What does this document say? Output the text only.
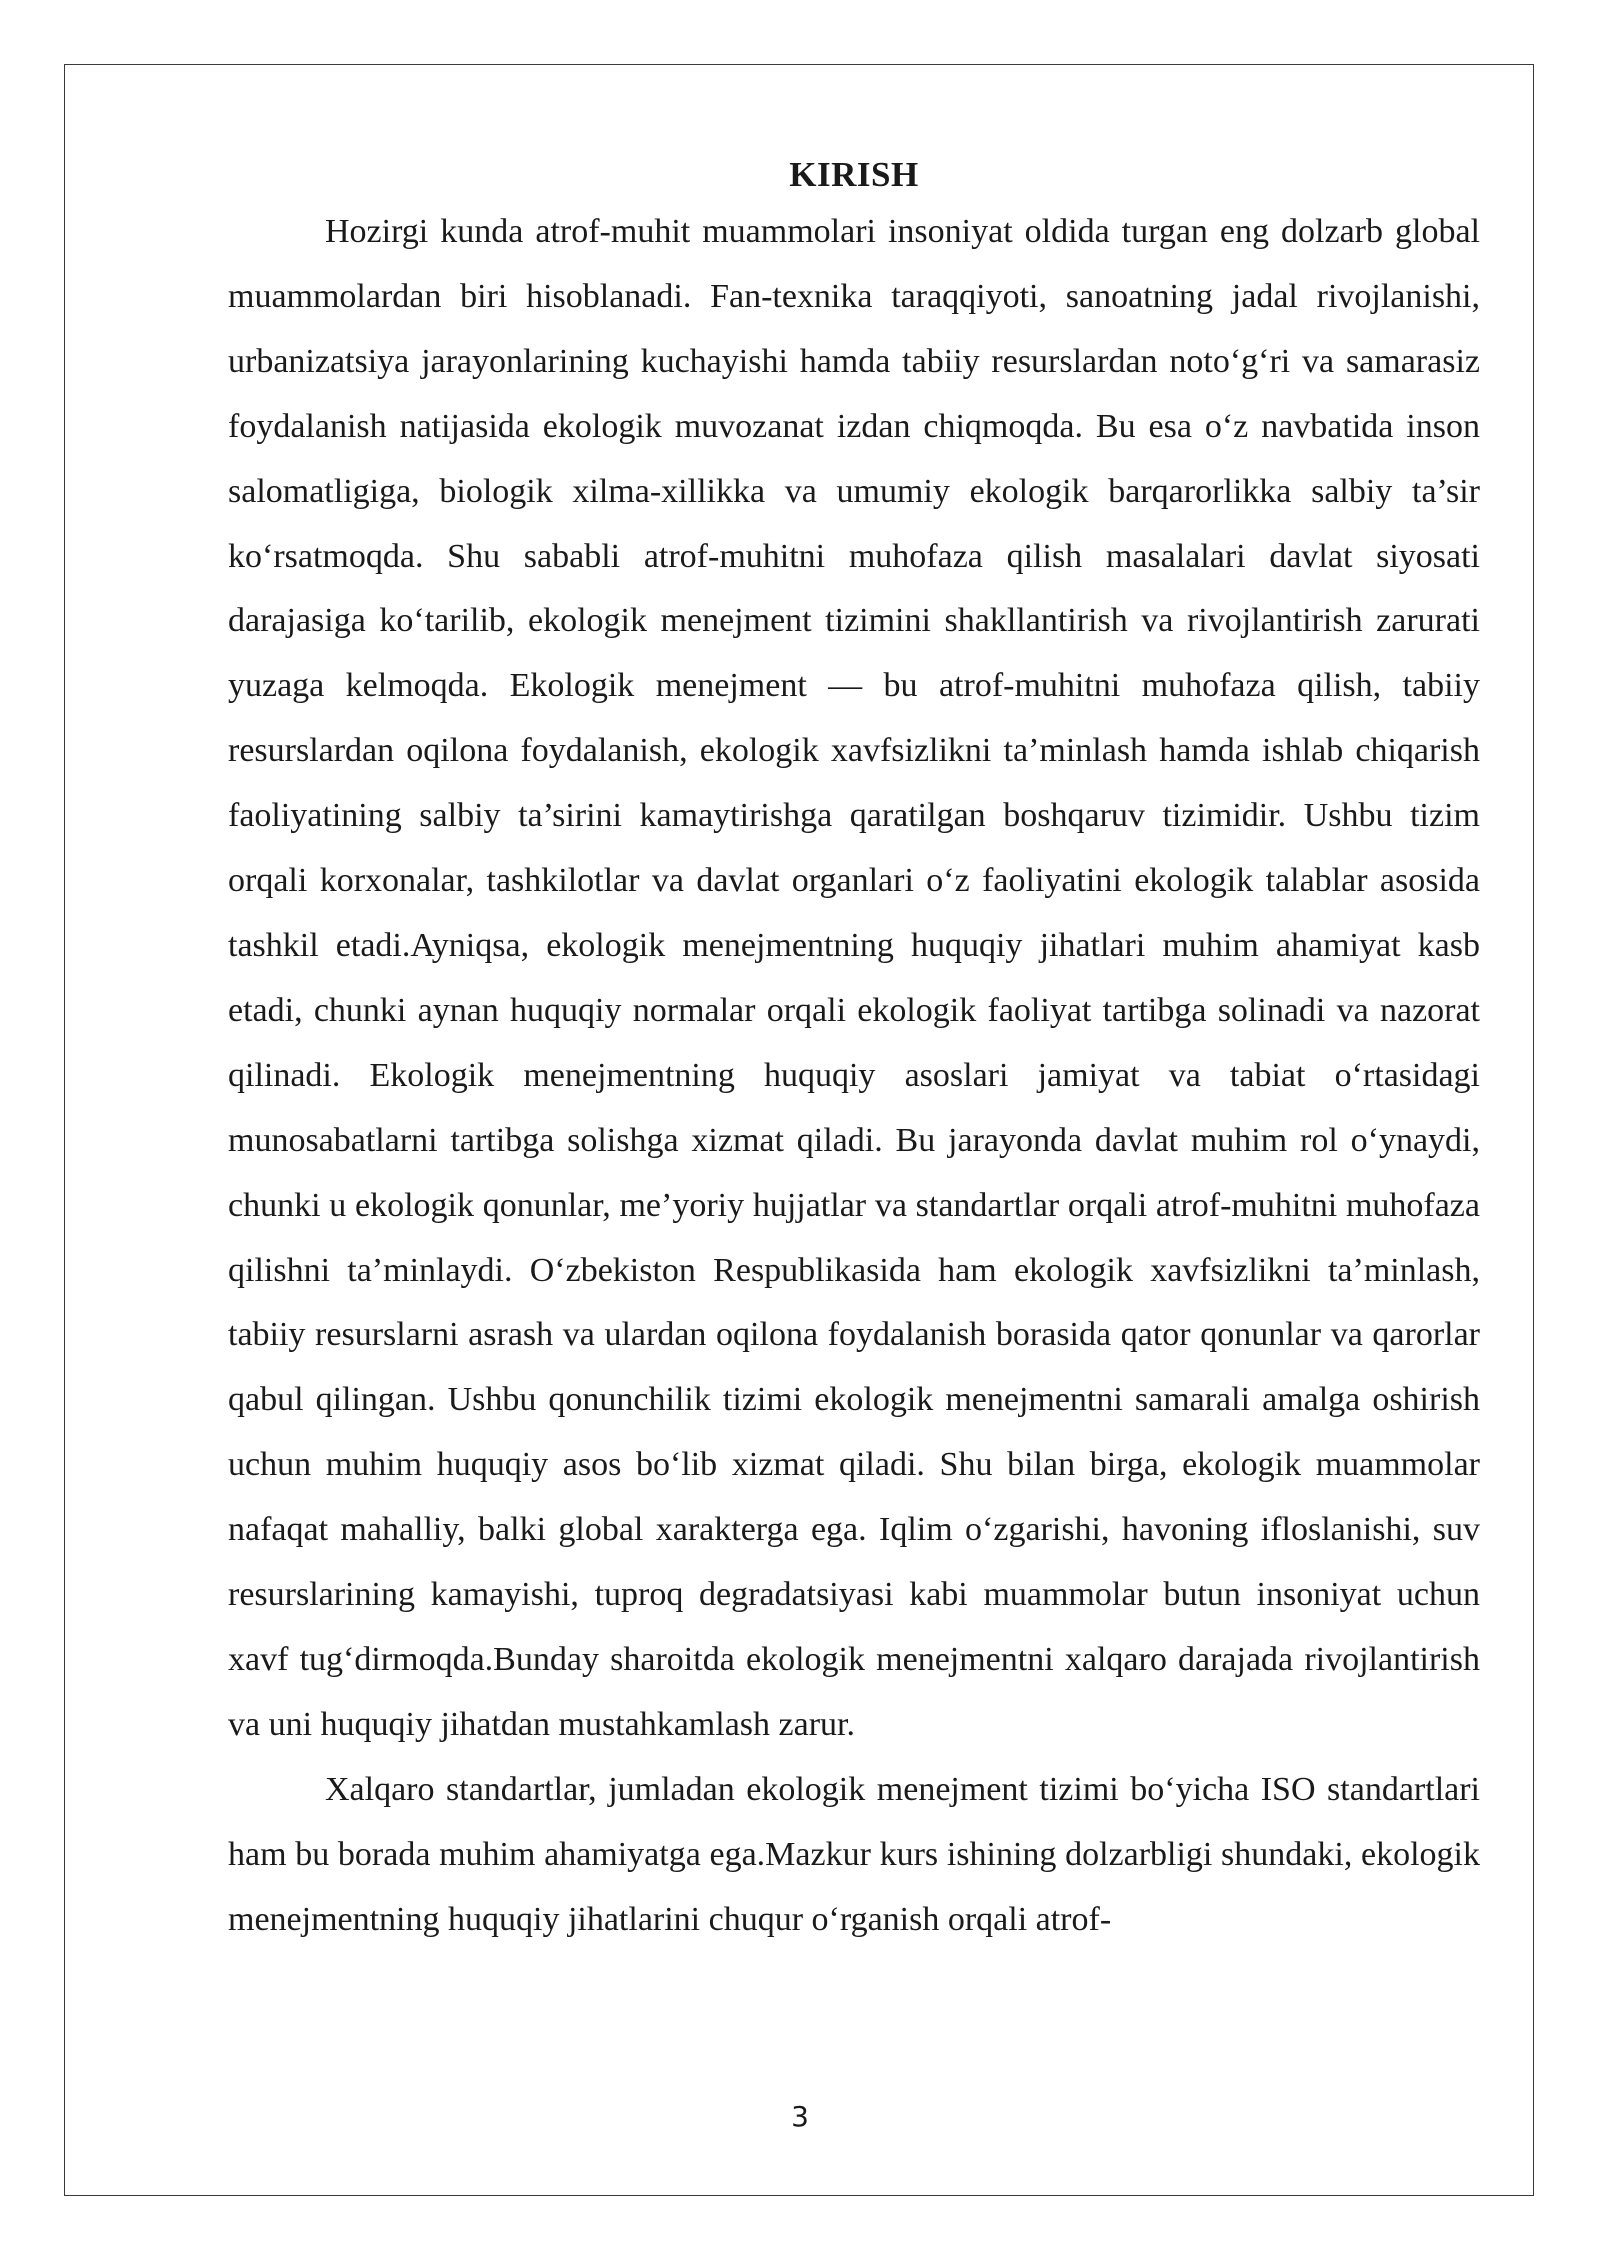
KIRISH

Hozirgi kunda atrof-muhit muammolari insoniyat oldida turgan eng dolzarb global muammolardan biri hisoblanadi. Fan-texnika taraqqiyoti, sanoatning jadal rivojlanishi, urbanizatsiya jarayonlarining kuchayishi hamda tabiiy resurslardan noto‘g‘ri va samarasiz foydalanish natijasida ekologik muvozanat izdan chiqmoqda. Bu esa o‘z navbatida inson salomatligiga, biologik xilma-xillikka va umumiy ekologik barqarorlikka salbiy ta’sir ko‘rsatmoqda. Shu sababli atrof-muhitni muhofaza qilish masalalari davlat siyosati darajasiga ko‘tarilib, ekologik menejment tizimini shakllantirish va rivojlantirish zarurati yuzaga kelmoqda. Ekologik menejment — bu atrof-muhitni muhofaza qilish, tabiiy resurslardan oqilona foydalanish, ekologik xavfsizlikni ta’minlash hamda ishlab chiqarish faoliyatining salbiy ta’sirini kamaytirishga qaratilgan boshqaruv tizimidir. Ushbu tizim orqali korxonalar, tashkilotlar va davlat organlari o‘z faoliyatini ekologik talablar asosida tashkil etadi.Ayniqsa, ekologik menejmentning huquqiy jihatlari muhim ahamiyat kasb etadi, chunki aynan huquqiy normalar orqali ekologik faoliyat tartibga solinadi va nazorat qilinadi. Ekologik menejmentning huquqiy asoslari jamiyat va tabiat o‘rtasidagi munosabatlarni tartibga solishga xizmat qiladi. Bu jarayonda davlat muhim rol o‘ynaydi, chunki u ekologik qonunlar, me’yoriy hujjatlar va standartlar orqali atrof-muhitni muhofaza qilishni ta’minlaydi. O‘zbekiston Respublikasida ham ekologik xavfsizlikni ta’minlash, tabiiy resurslarni asrash va ulardan oqilona foydalanish borasida qator qonunlar va qarorlar qabul qilingan. Ushbu qonunchilik tizimi ekologik menejmentni samarali amalga oshirish uchun muhim huquqiy asos bo‘lib xizmat qiladi. Shu bilan birga, ekologik muammolar nafaqat mahalliy, balki global xarakterga ega. Iqlim o‘zgarishi, havoning ifloslanishi, suv resurslarining kamayishi, tuproq degradatsiyasi kabi muammolar butun insoniyat uchun xavf tug‘dirmoqda.Bunday sharoitda ekologik menejmentni xalqaro darajada rivojlantirish va uni huquqiy jihatdan mustahkamlash zarur.

Xalqaro standartlar, jumladan ekologik menejment tizimi bo‘yicha ISO standartlari ham bu borada muhim ahamiyatga ega.Mazkur kurs ishining dolzarbligi shundaki, ekologik menejmentning huquqiy jihatlarini chuqur o‘rganish orqali atrof-

3
